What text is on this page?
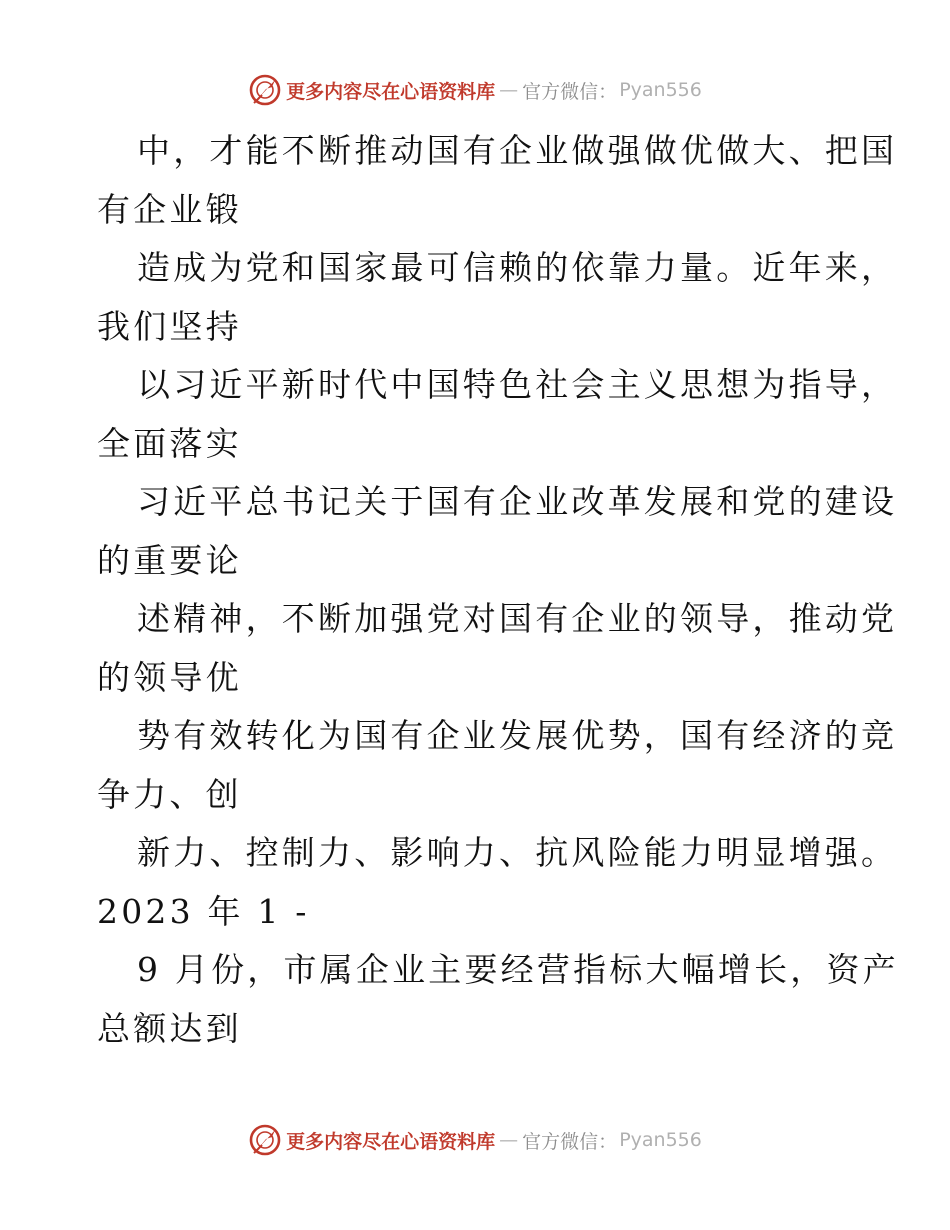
更多内容尽在心语资料库 — 官方微信： Pyan556
中，才能不断推动国有企业做强做优做大、把国
有企业锻
造成为党和国家最可信赖的依靠力量。近年来，
我们坚持
以习近平新时代中国特色社会主义思想为指导，
全面落实
习近平总书记关于国有企业改革发展和党的建设
的重要论
述精神，不断加强党对国有企业的领导，推动党
的领导优
势有效转化为国有企业发展优势，国有经济的竞
争力、创
新力、控制力、影响力、抗风险能力明显增强。
2023 年 1 -
9 月份，市属企业主要经营指标大幅增长，资产
总额达到
更多内容尽在心语资料库 — 官方微信： Pyan556
